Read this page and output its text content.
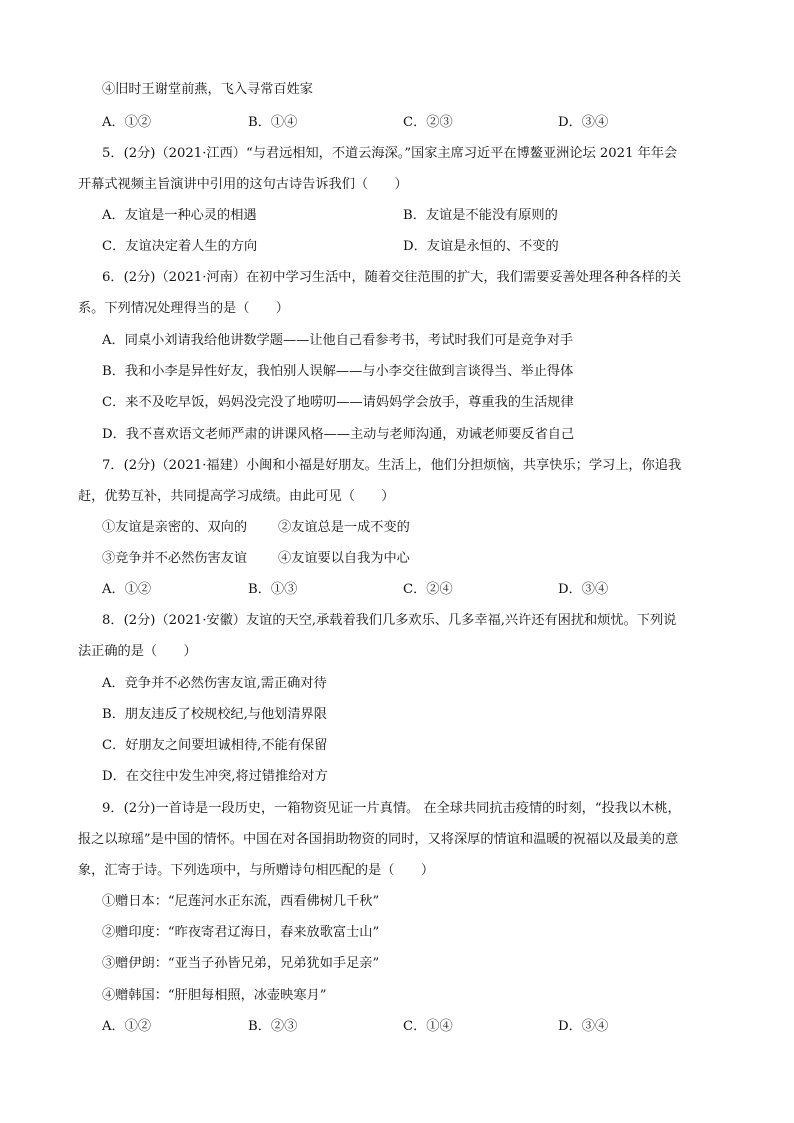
④旧时王谢堂前燕，飞入寻常百姓家
A．①②	B．①④	C．②③	D．③④
5．(2分)（2021·江西）“与君远相知，不道云海深。”国家主席习近平在博鳌亚洲论坛 2021 年年会
开幕式视频主旨演讲中引用的这句古诗告诉我们（　　）
A．友谊是一种心灵的相遇	B．友谊是不能没有原则的
C．友谊决定着人生的方向	D．友谊是永恒的、不变的
6．(2分)（2021·河南）在初中学习生活中，随着交往范围的扩大，我们需要妥善处理各种各样的关
系。下列情况处理得当的是（　　）
A．同桌小刘请我给他讲数学题——让他自己看参考书，考试时我们可是竞争对手
B．我和小李是异性好友，我怕别人误解——与小李交往做到言谈得当、举止得体
C．来不及吃早饭，妈妈没完没了地唠叨——请妈妈学会放手，尊重我的生活规律
D．我不喜欢语文老师严肃的讲课风格——主动与老师沟通，劝诫老师要反省自己
7．(2分)（2021·福建）小闽和小福是好朋友。生活上，他们分担烦恼，共享快乐；学习上，你追我
赶，优势互补，共同提高学习成绩。由此可见（　　）
①友谊是亲密的、双向的 ②友谊总是一成不变的
③竞争并不必然伤害友谊 ④友谊要以自我为中心
A．①②	B．①③	C．②④	D．③④
8．(2分)（2021·安徽）友谊的天空,承载着我们几多欢乐、几多幸福,兴许还有困扰和烦忧。下列说
法正确的是（　　）
A．竞争并不必然伤害友谊,需正确对待
B．朋友违反了校规校纪,与他划清界限
C．好朋友之间要坦诚相待,不能有保留
D．在交往中发生冲突,将过错推给对方
9．(2分)一首诗是一段历史，一箱物资见证一片真情。 在全球共同抗击疫情的时刻，“投我以木桃，
报之以琼瑶”是中国的情怀。中国在对各国捐助物资的同时，又将深厚的情谊和温暖的祝福以及最美的意
象，汇寄于诗。下列选项中，与所赠诗句相匹配的是（　　）
①赠日本：“尼莲河水正东流，西看佛树几千秋”
②赠印度：“昨夜寄君辽海日，春来放歌富士山”
③赠伊朗：“亚当子孙皆兄弟，兄弟犹如手足亲”
④赠韩国：“肝胆每相照，冰壶映寒月”
A．①②	B．②③	C．①④	D．③④
